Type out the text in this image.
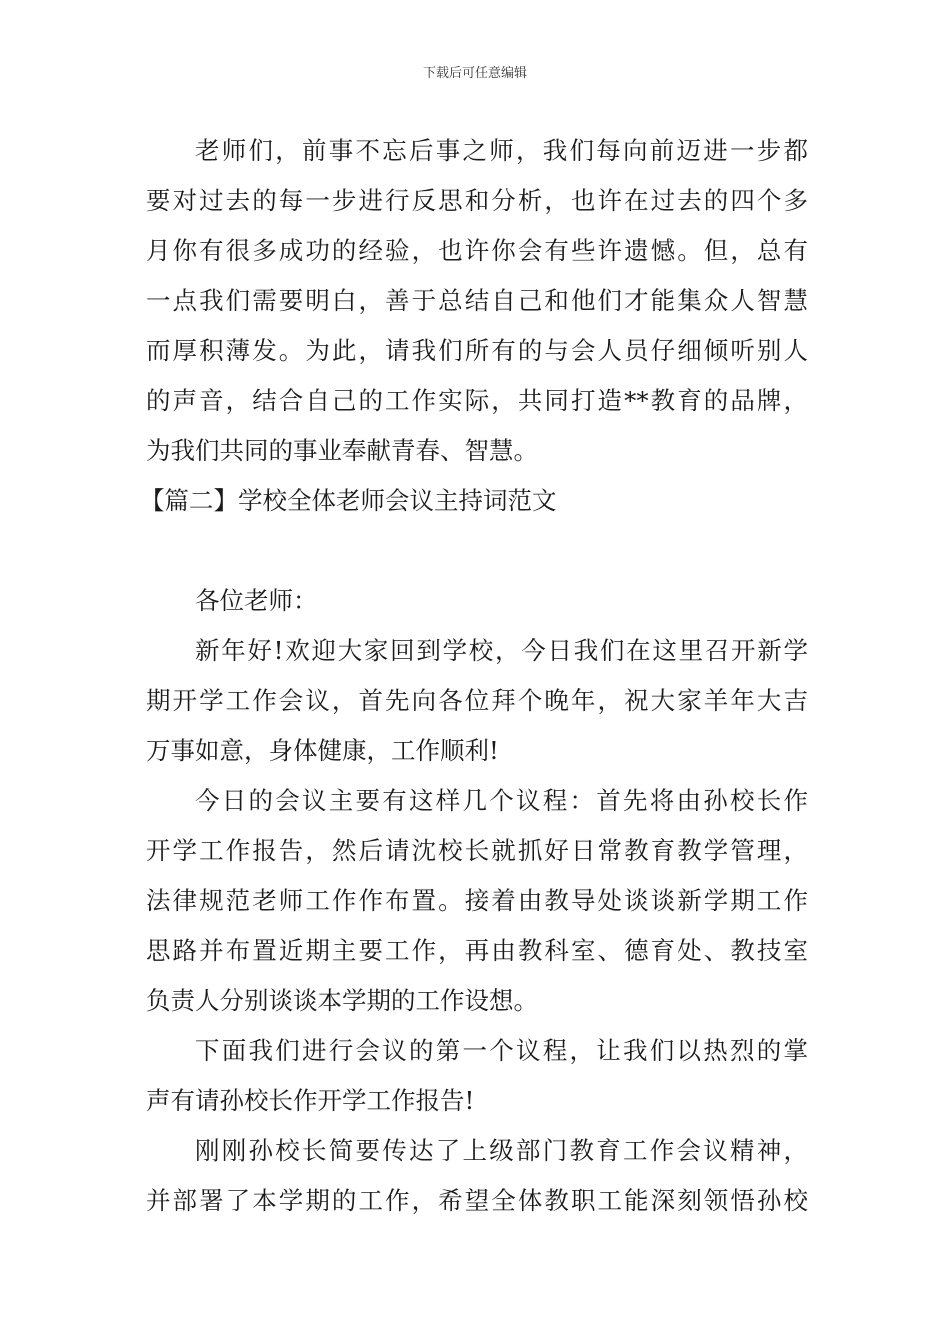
下载后可任意编辑
老师们，前事不忘后事之师，我们每向前迈进一步都
要对过去的每一步进行反思和分析，也许在过去的四个多
月你有很多成功的经验，也许你会有些许遗憾。但，总有
一点我们需要明白，善于总结自己和他们才能集众人智慧
而厚积薄发。为此，请我们所有的与会人员仔细倾听别人
的声音，结合自己的工作实际，共同打造**教育的品牌，
为我们共同的事业奉献青春、智慧。
【篇二】学校全体老师会议主持词范文
各位老师：
新年好!欢迎大家回到学校，今日我们在这里召开新学
期开学工作会议，首先向各位拜个晚年，祝大家羊年大吉
万事如意，身体健康，工作顺利!
今日的会议主要有这样几个议程：首先将由孙校长作
开学工作报告，然后请沈校长就抓好日常教育教学管理，
法律规范老师工作作布置。接着由教导处谈谈新学期工作
思路并布置近期主要工作，再由教科室、德育处、教技室
负责人分别谈谈本学期的工作设想。
下面我们进行会议的第一个议程，让我们以热烈的掌
声有请孙校长作开学工作报告!
刚刚孙校长简要传达了上级部门教育工作会议精神，
并部署了本学期的工作，希望全体教职工能深刻领悟孙校
